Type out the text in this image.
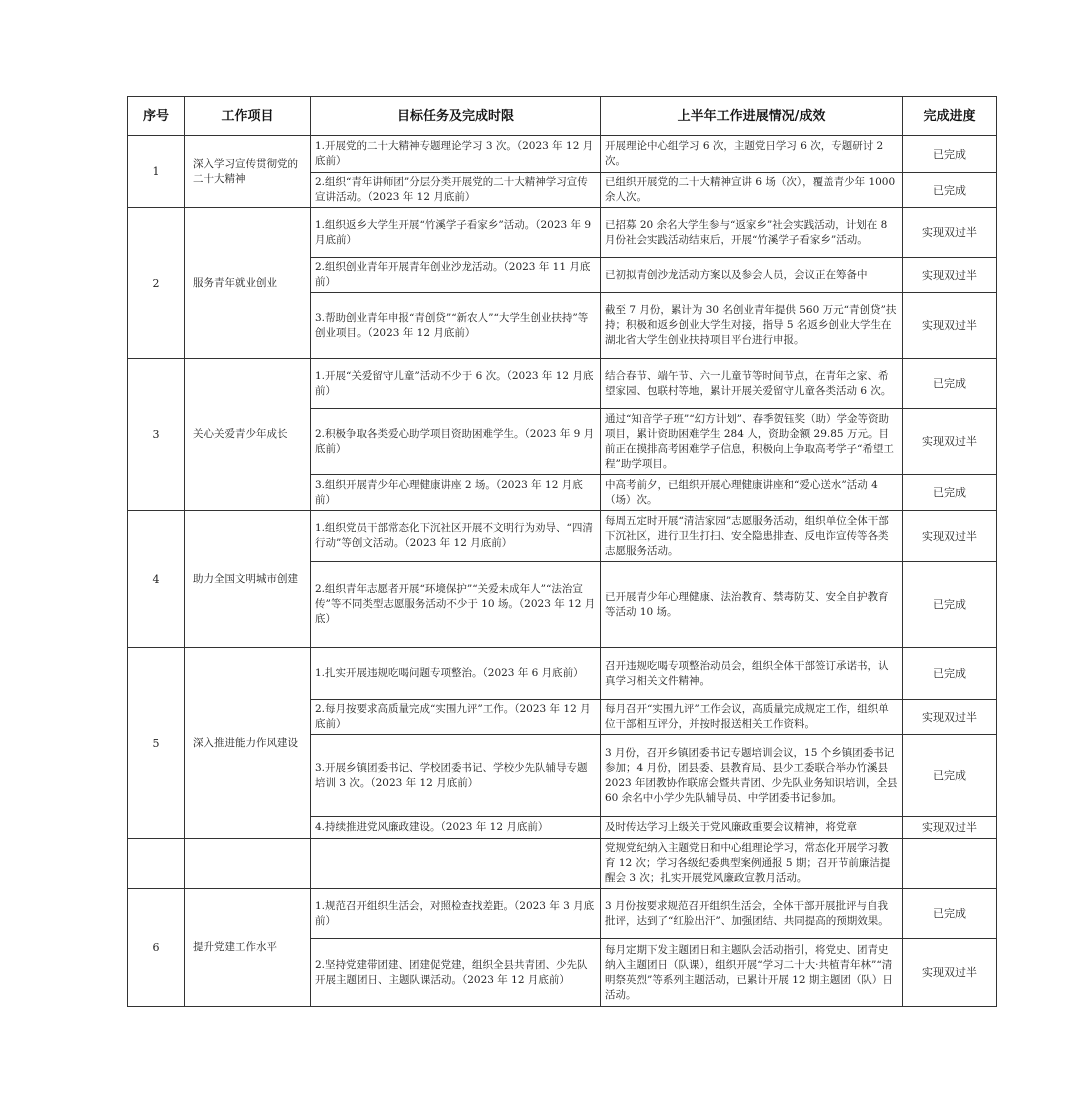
序号	工作项目	目标任务及完成时限	上半年工作进展情况/成效	完成进度
1	深入学习宣传贯彻党的二十大精神	1.开展党的二十大精神专题理论学习 3 次。（2023 年 12 月底前）	开展理论中心组学习 6 次，主题党日学习 6 次，专题研讨 2 次。	已完成
		2.组织“青年讲师团”分层分类开展党的二十大精神学习宣传宣讲活动。（2023 年 12 月底前）	已组织开展党的二十大精神宣讲 6 场（次），覆盖青少年 1000 余人次。	已完成
2	服务青年就业创业	1.组织返乡大学生开展“竹溪学子看家乡”活动。（2023 年 9 月底前）	已招募 20 余名大学生参与“返家乡”社会实践活动，计划在 8 月份社会实践活动结束后，开展“竹溪学子看家乡”活动。	实现双过半
		2.组织创业青年开展青年创业沙龙活动。（2023 年 11 月底前）	已初拟青创沙龙活动方案以及参会人员，会议正在筹备中	实现双过半
		3.帮助创业青年申报“青创贷”“新农人”“大学生创业扶持”等创业项目。（2023 年 12 月底前）	截至 7 月份，累计为 30 名创业青年提供 560 万元“青创贷”扶持；积极和返乡创业大学生对接，指导 5 名返乡创业大学生在湖北省大学生创业扶持项目平台进行申报。	实现双过半
3	关心关爱青少年成长	1.开展“关爱留守儿童”活动不少于 6 次。（2023 年 12 月底前）	结合春节、端午节、六一儿童节等时间节点，在青年之家、希望家园、包联村等地，累计开展关爱留守儿童各类活动 6 次。	已完成
		2.积极争取各类爱心助学项目资助困难学生。（2023 年 9 月底前）	通过“知音学子班”“幻方计划”、春季贺钰奖（助）学金等资助项目，累计资助困难学生 284 人，资助金额 29.85 万元。目前正在摸排高考困难学子信息，积极向上争取高考学子“希望工程”助学项目。	实现双过半
		3.组织开展青少年心理健康讲座 2 场。（2023 年 12 月底前）	中高考前夕，已组织开展心理健康讲座和“爱心送水”活动 4（场）次。	已完成
4	助力全国文明城市创建	1.组织党员干部常态化下沉社区开展不文明行为劝导、“四清行动”等创文活动。（2023 年 12 月底前）	每周五定时开展“清洁家园”志愿服务活动，组织单位全体干部下沉社区，进行卫生打扫、安全隐患排查、反电诈宣传等各类志愿服务活动。	实现双过半
		2.组织青年志愿者开展“环境保护”“关爱未成年人”“法治宣传”等不同类型志愿服务活动不少于 10 场。（2023 年 12 月底）	已开展青少年心理健康、法治教育、禁毒防艾、安全自护教育等活动 10 场。	已完成
5	深入推进能力作风建设	1.扎实开展违规吃喝问题专项整治。（2023 年 6 月底前）	召开违规吃喝专项整治动员会，组织全体干部签订承诺书，认真学习相关文件精神。	已完成
		2.每月按要求高质量完成“实围九评”工作。（2023 年 12 月底前）	每月召开“实围九评”工作会议，高质量完成规定工作，组织单位干部相互评分，并按时报送相关工作资料。	实现双过半
		3.开展乡镇团委书记、学校团委书记、学校少先队辅导专题培训 3 次。（2023 年 12 月底前）	3 月份，召开乡镇团委书记专题培训会议，15 个乡镇团委书记参加；4 月份，团县委、县教育局、县少工委联合举办竹溪县 2023 年团教协作联席会暨共青团、少先队业务知识培训，全县 60 余名中小学少先队辅导员、中学团委书记参加。	已完成
		4.持续推进党风廉政建设。（2023 年 12 月底前）	及时传达学习上级关于党风廉政重要会议精神，将党章	实现双过半
			党规党纪纳入主题党日和中心组理论学习，常态化开展学习教育 12 次；学习各级纪委典型案例通报 5 期；召开节前廉洁提醒会 3 次；扎实开展党风廉政宣教月活动。	
6	提升党建工作水平	1.规范召开组织生活会，对照检查找差距。（2023 年 3 月底前）	3 月份按要求规范召开组织生活会，全体干部开展批评与自我批评，达到了“红脸出汗”、加强团结、共同提高的预期效果。	已完成
		2.坚持党建带团建、团建促党建，组织全县共青团、少先队开展主题团日、主题队课活动。（2023 年 12 月底前）	每月定期下发主题团日和主题队会活动指引，将党史、团青史纳入主题团日（队课），组织开展“学习二十大·共植青年林”“清明祭英烈”等系列主题活动，已累计开展 12 期主题团（队）日活动。	实现双过半
